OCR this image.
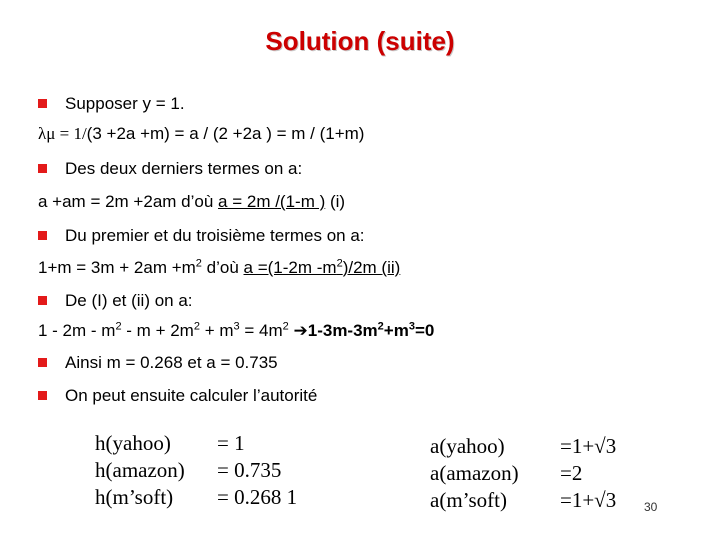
Solution (suite)
Supposer y = 1.
λμ = 1/(3 +2a +m) = a / (2 +2a ) = m / (1+m)
Des deux derniers termes on a:
a +am = 2m +2am d’où a = 2m /(1-m ) (i)
Du premier et du troisième termes on a:
$1+m = 3m + 2am +m^2$ d’où a =(1-2m $-m^2)/2m$ (ii)
De (I) et (ii) on a:
$1 - 2m - m^2 - m + 2m^2 + m^3 = 4m^2$ $➔1-3m-3m^2+m^3=0$
Ainsi m = 0.268 et a = 0.735
On peut ensuite calculer l’autorité
h(yahoo) = 1
h(amazon) = 0.735
h(m’soft) = 0.268 1
a(yahoo)	=1+√3
a(amazon) =2
a(m’soft)	=1+√3 30
